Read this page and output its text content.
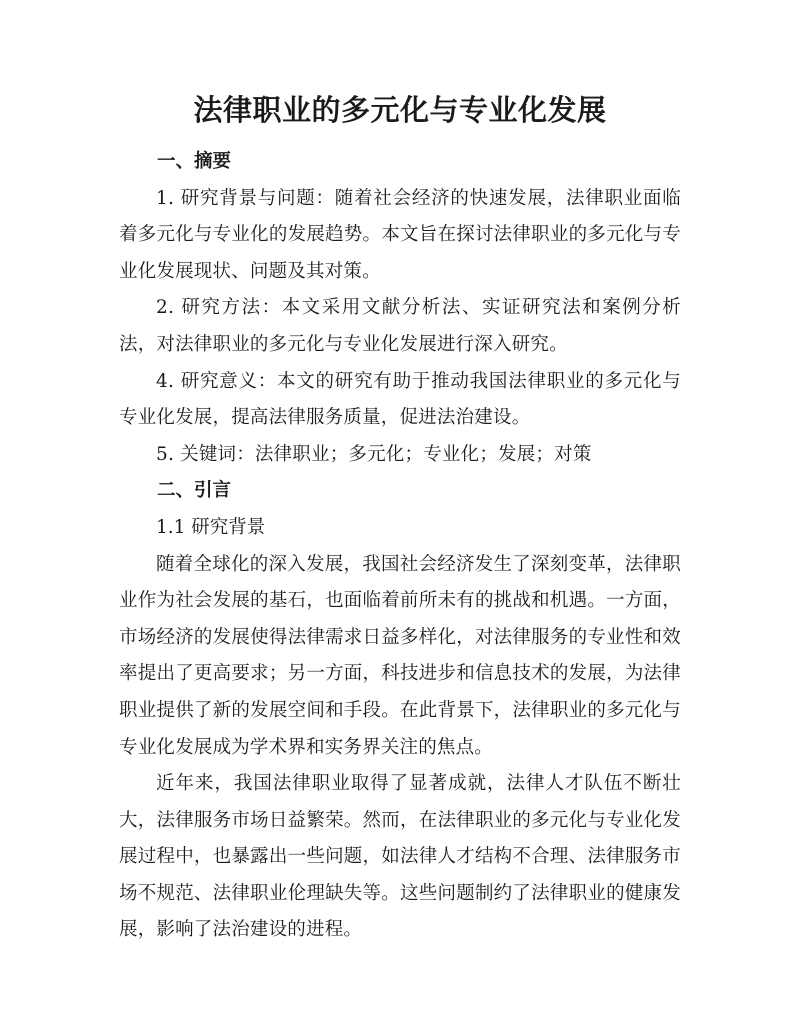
法律职业的多元化与专业化发展

一、摘要

1. 研究背景与问题：随着社会经济的快速发展，法律职业面临着多元化与专业化的发展趋势。本文旨在探讨法律职业的多元化与专业化发展现状、问题及其对策。

2. 研究方法：本文采用文献分析法、实证研究法和案例分析法，对法律职业的多元化与专业化发展进行深入研究。

4. 研究意义：本文的研究有助于推动我国法律职业的多元化与专业化发展，提高法律服务质量，促进法治建设。

5. 关键词：法律职业；多元化；专业化；发展；对策

二、引言

1.1 研究背景

随着全球化的深入发展，我国社会经济发生了深刻变革，法律职业作为社会发展的基石，也面临着前所未有的挑战和机遇。一方面，市场经济的发展使得法律需求日益多样化，对法律服务的专业性和效率提出了更高要求；另一方面，科技进步和信息技术的发展，为法律职业提供了新的发展空间和手段。在此背景下，法律职业的多元化与专业化发展成为学术界和实务界关注的焦点。

近年来，我国法律职业取得了显著成就，法律人才队伍不断壮大，法律服务市场日益繁荣。然而，在法律职业的多元化与专业化发展过程中，也暴露出一些问题，如法律人才结构不合理、法律服务市场不规范、法律职业伦理缺失等。这些问题制约了法律职业的健康发展，影响了法治建设的进程。
